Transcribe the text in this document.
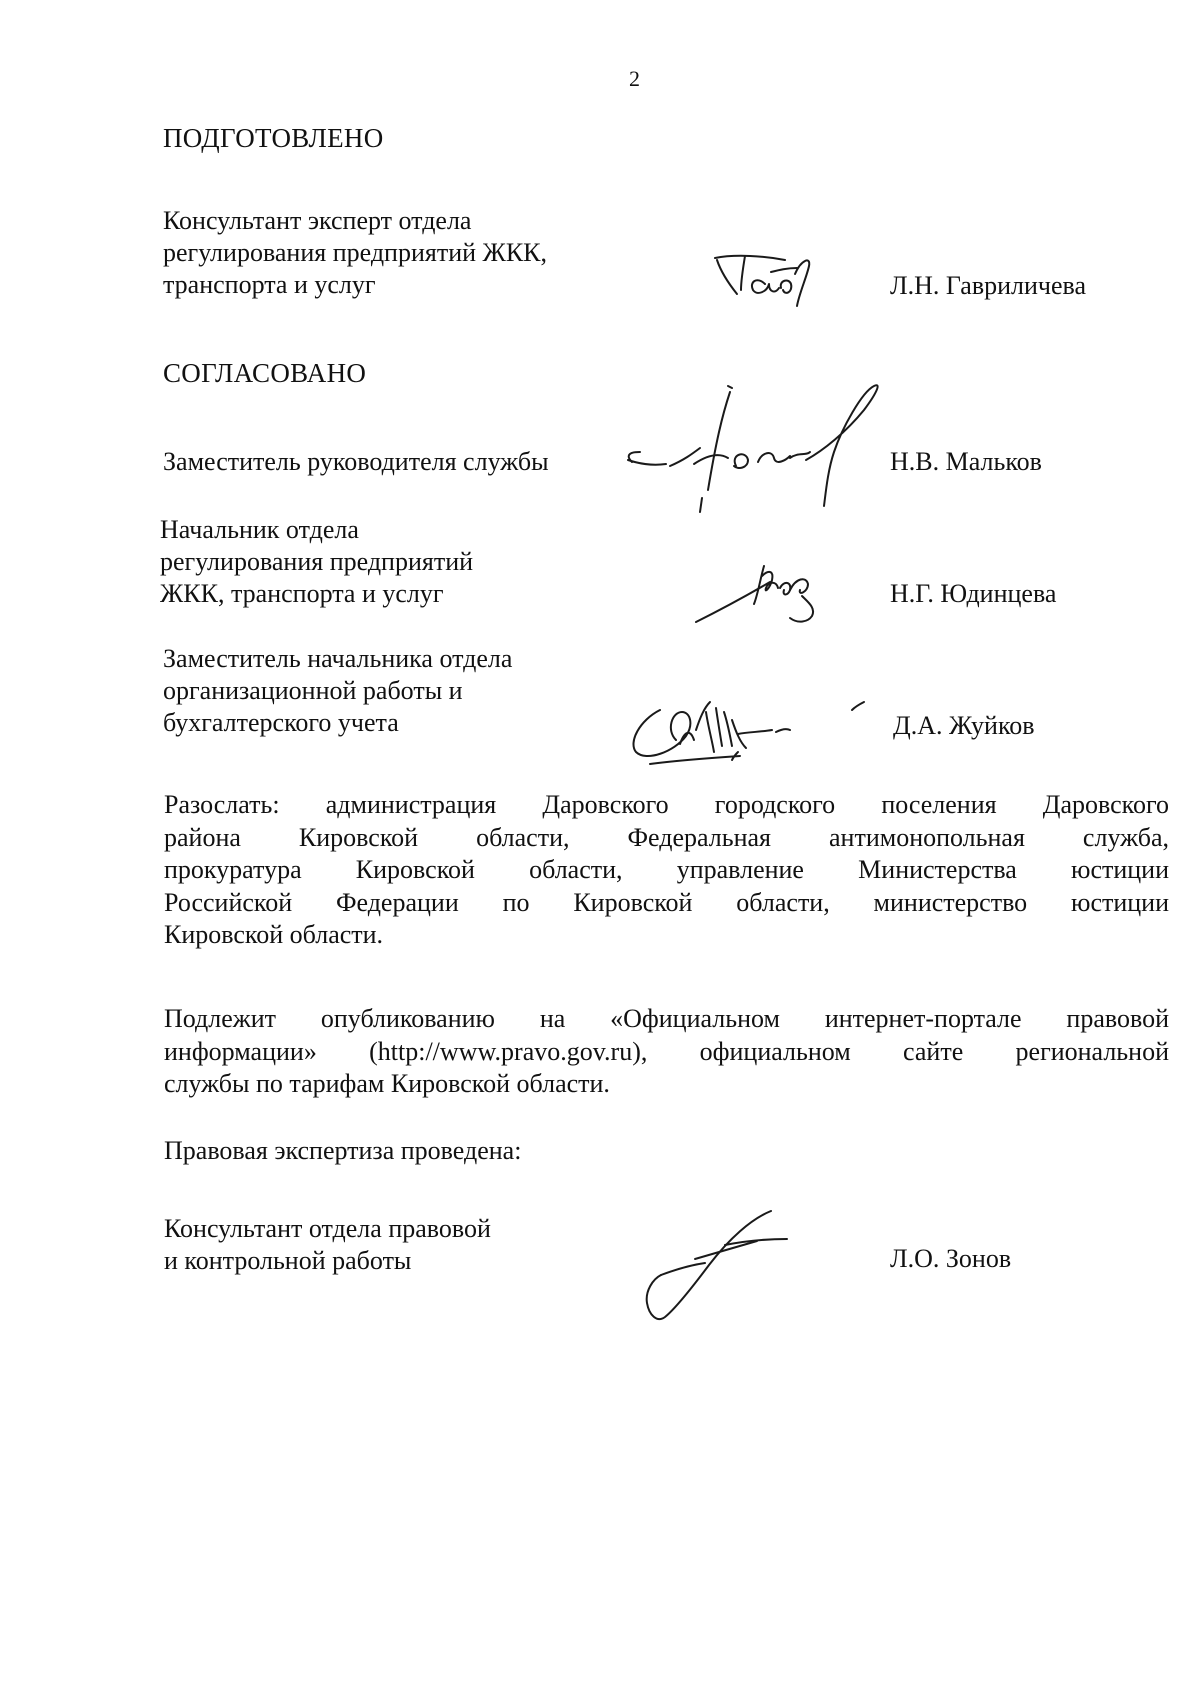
2
ПОДГОТОВЛЕНО
Консультант эксперт отдела
регулирования предприятий ЖКК,
транспорта и услуг	Л.Н. Гавриличева
СОГЛАСОВАНО
Заместитель руководителя службы	Н.В. Мальков
Начальник отдела
регулирования предприятий
ЖКК, транспорта и услуг	Н.Г. Юдинцева
Заместитель начальника отдела
организационной работы и
бухгалтерского учета	Д.А. Жуйков
Разослать: администрация Даровского городского поселения Даровского
района Кировской области, Федеральная антимонопольная служба,
прокуратура Кировской области, управление Министерства юстиции
Российской Федерации по Кировской области, министерство юстиции
Кировской области.
Подлежит опубликованию на «Официальном интернет-портале правовой
информации» (http://www.pravo.gov.ru), официальном сайте региональной
службы по тарифам Кировской области.
Правовая экспертиза проведена:
Консультант отдела правовой
и контрольной работы	Л.О. Зонов
